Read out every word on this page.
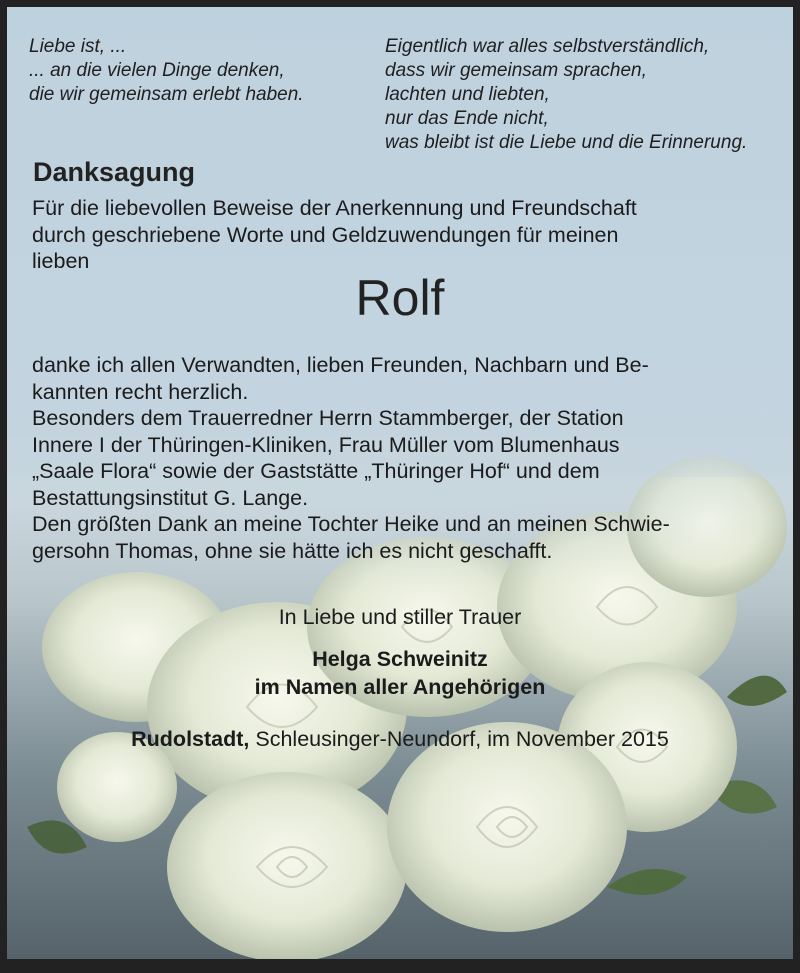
Liebe ist, ...
... an die vielen Dinge denken,
die wir gemeinsam erlebt haben.
Eigentlich war alles selbstverständlich,
dass wir gemeinsam sprachen,
lachten und liebten,
nur das Ende nicht,
was bleibt ist die Liebe und die Erinnerung.
Danksagung
Für die liebevollen Beweise der Anerkennung und Freundschaft
durch geschriebene Worte und Geldzuwendungen für meinen
lieben
Rolf
danke ich allen Verwandten, lieben Freunden, Nachbarn und Be-
kannten recht herzlich.
Besonders dem Trauerredner Herrn Stammberger, der Station
Innere I der Thüringen-Kliniken, Frau Müller vom Blumenhaus
„Saale Flora“ sowie der Gaststätte „Thüringer Hof“ und dem
Bestattungsinstitut G. Lange.
Den größten Dank an meine Tochter Heike und an meinen Schwie-
gersohn Thomas, ohne sie hätte ich es nicht geschafft.
In Liebe und stiller Trauer
Helga Schweinitz
im Namen aller Angehörigen
Rudolstadt, Schleusinger-Neundorf, im November 2015
